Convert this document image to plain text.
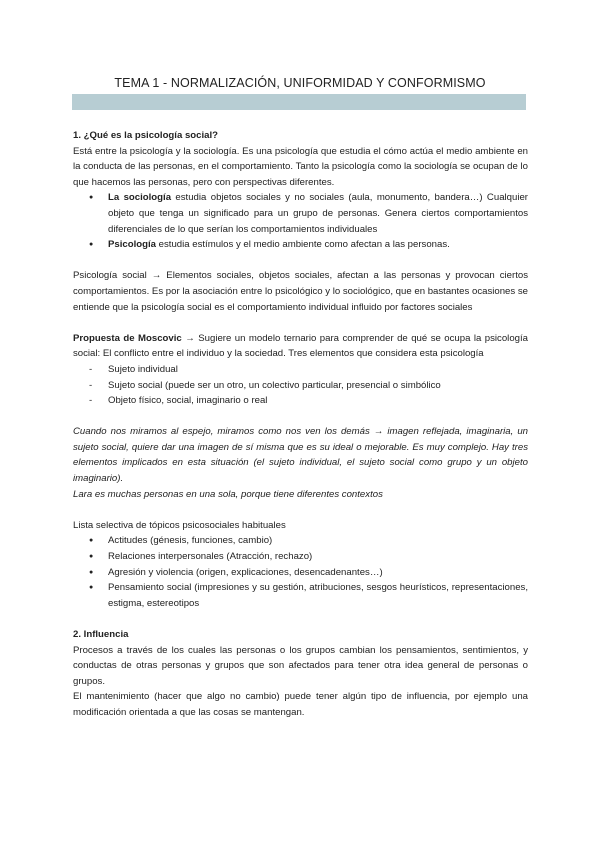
TEMA 1 - NORMALIZACIÓN, UNIFORMIDAD Y CONFORMISMO

1. ¿Qué es la psicología social?

Está entre la psicología y la sociología. Es una psicología que estudia el cómo actúa el medio ambiente en la conducta de las personas, en el comportamiento. Tanto la psicología como la sociología se ocupan de lo que hacemos las personas, pero con perspectivas diferentes.

● La sociología estudia objetos sociales y no sociales (aula, monumento, bandera…) Cualquier objeto que tenga un significado para un grupo de personas. Genera ciertos comportamientos diferenciales de lo que serían los comportamientos individuales
● Psicología estudia estímulos y el medio ambiente como afectan a las personas.

Psicología social → Elementos sociales, objetos sociales, afectan a las personas y provocan ciertos comportamientos. Es por la asociación entre lo psicológico y lo sociológico, que en bastantes ocasiones se entiende que la psicología social es el comportamiento individual influido por factores sociales

Propuesta de Moscovic → Sugiere un modelo ternario para comprender de qué se ocupa la psicología social: El conflicto entre el individuo y la sociedad. Tres elementos que considera esta psicología

- Sujeto individual
- Sujeto social (puede ser un otro, un colectivo particular, presencial o simbólico
- Objeto físico, social, imaginario o real

Cuando nos miramos al espejo, miramos como nos ven los demás → imagen reflejada, imaginaria, un sujeto social, quiere dar una imagen de sí misma que es su ideal o mejorable. Es muy complejo. Hay tres elementos implicados en esta situación (el sujeto individual, el sujeto social como grupo y un objeto imaginario).

Lara es muchas personas en una sola, porque tiene diferentes contextos

Lista selectiva de tópicos psicosociales habituales

● Actitudes (génesis, funciones, cambio)
● Relaciones interpersonales (Atracción, rechazo)
● Agresión y violencia (origen, explicaciones, desencadenantes…)
● Pensamiento social (impresiones y su gestión, atribuciones, sesgos heurísticos, representaciones, estigma, estereotipos

2. Influencia

Procesos a través de los cuales las personas o los grupos cambian los pensamientos, sentimientos, y conductas de otras personas y grupos que son afectados para tener otra idea general de personas o grupos.

El mantenimiento (hacer que algo no cambio) puede tener algún tipo de influencia, por ejemplo una modificación orientada a que las cosas se mantengan.
